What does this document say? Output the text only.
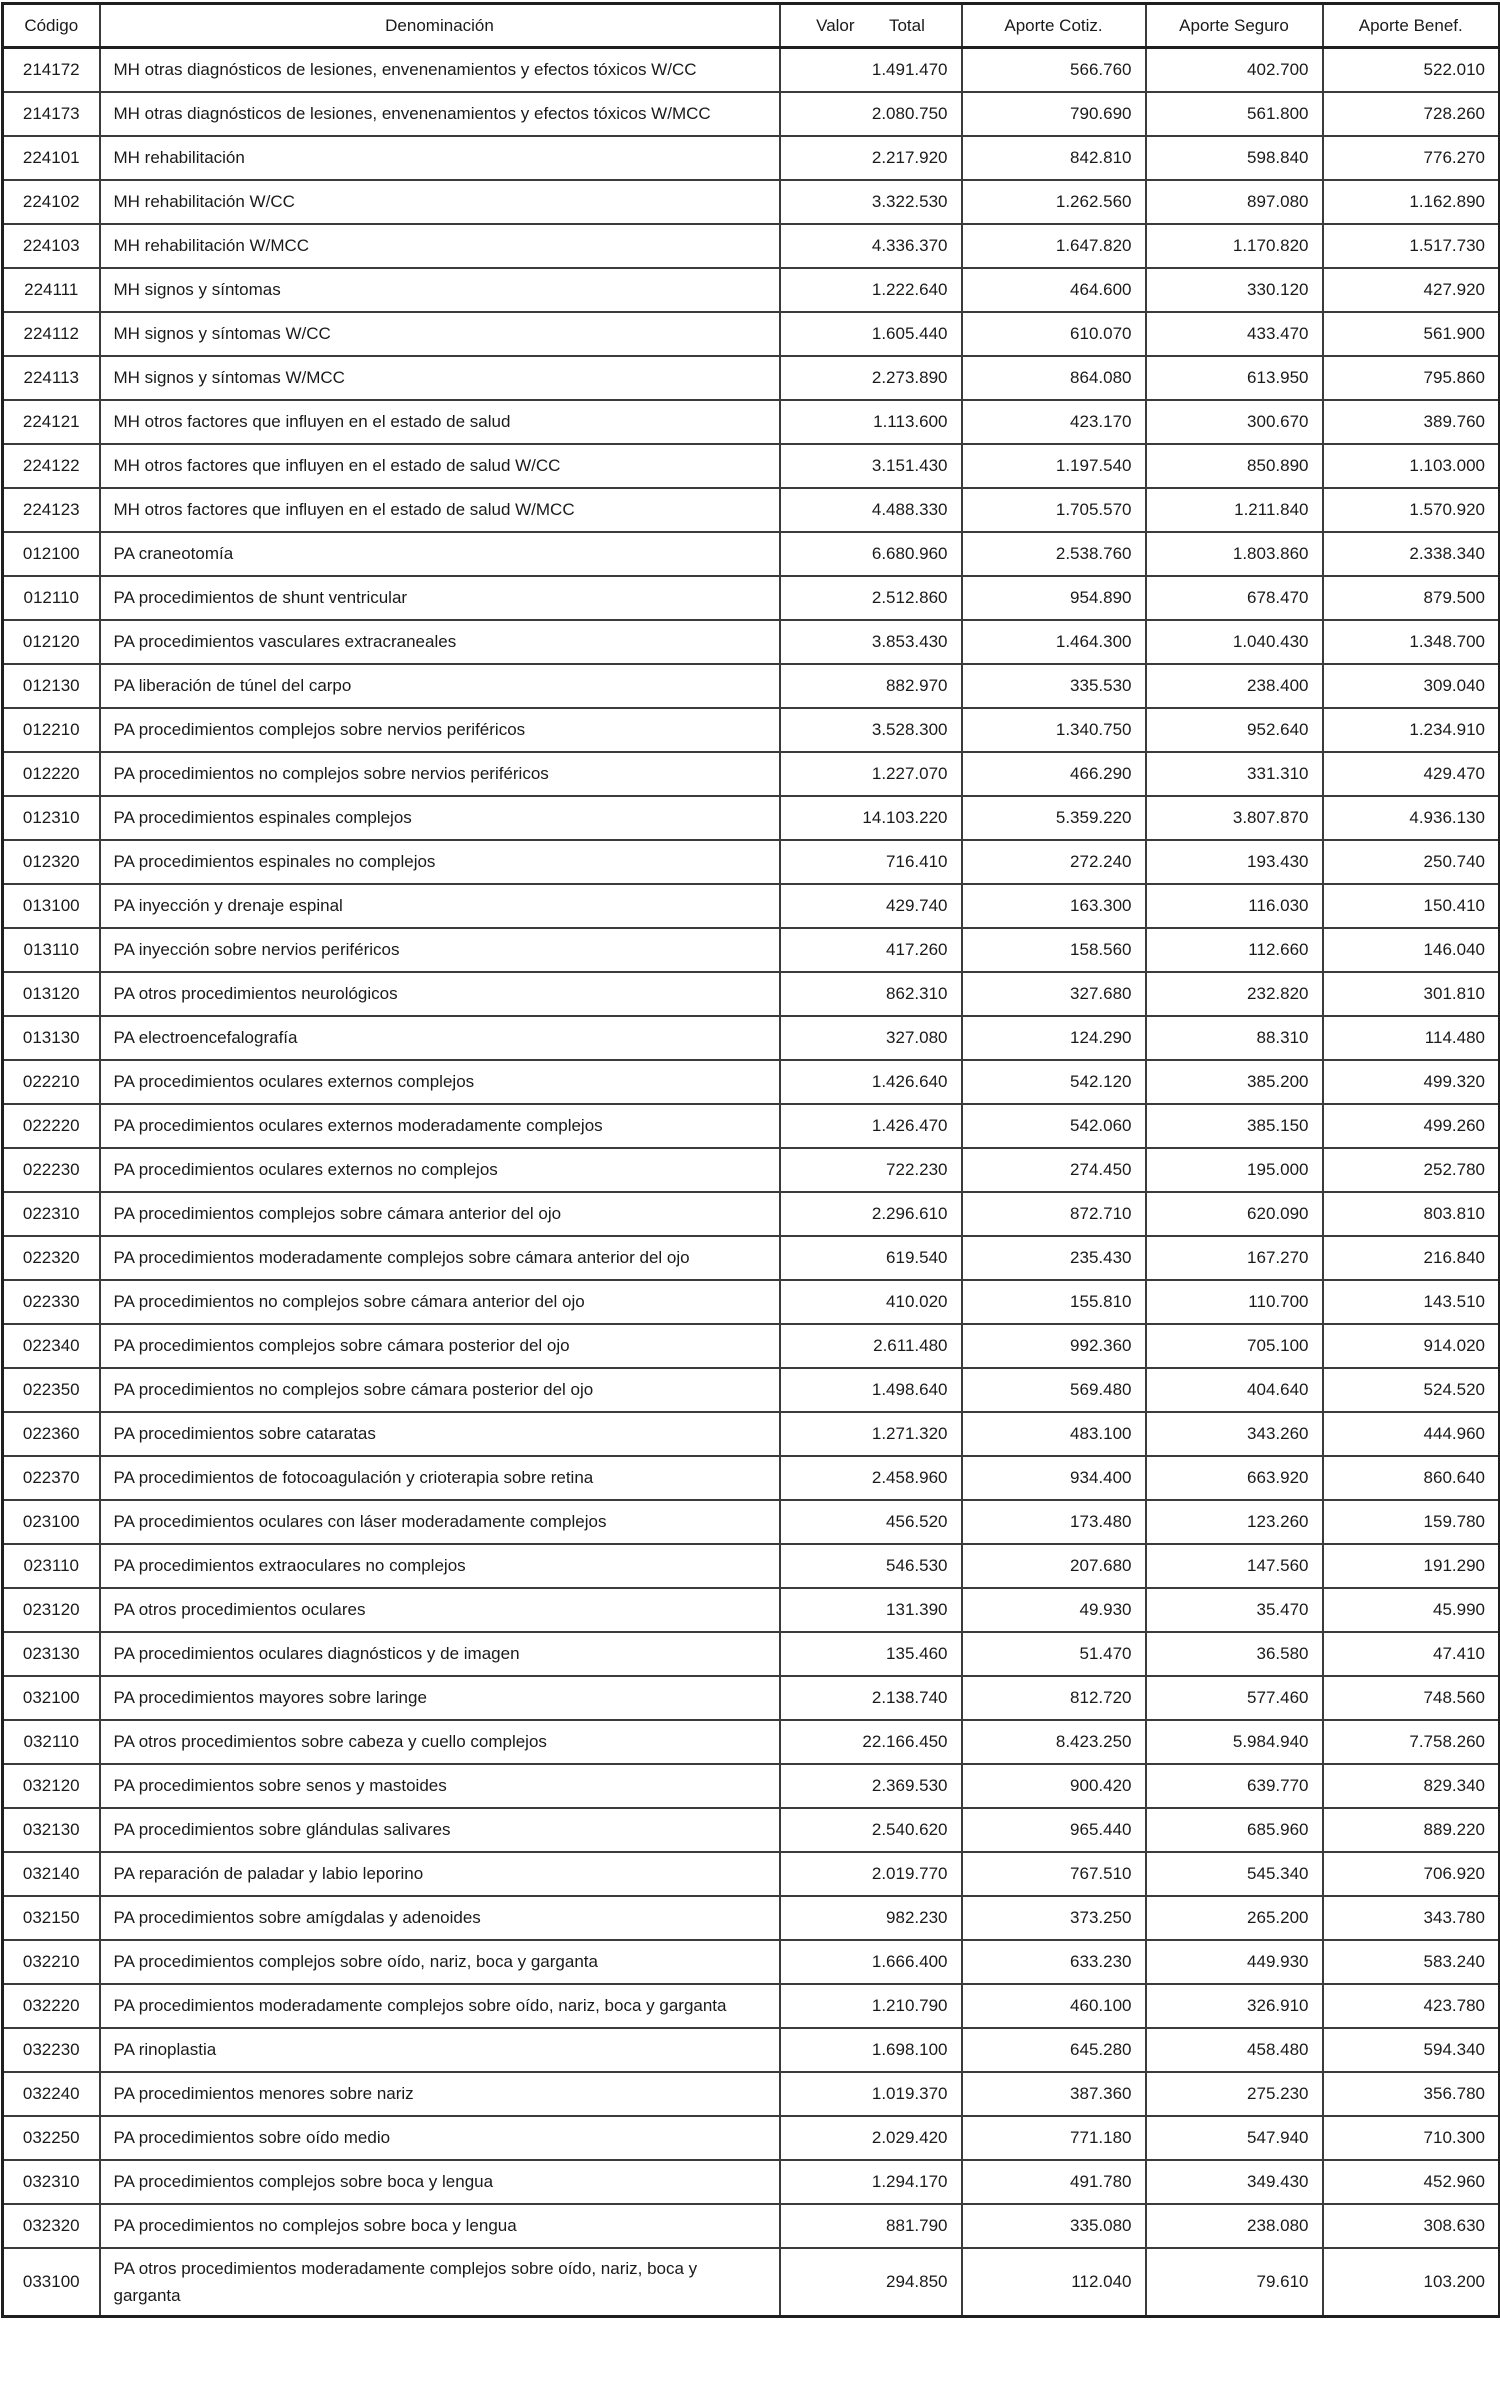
Código	Denominación	Valor Total	Aporte Cotiz.	Aporte Seguro	Aporte Benef.
214172	MH otras diagnósticos de lesiones, envenenamientos y efectos tóxicos W/CC	1.491.470	566.760	402.700	522.010
214173	MH otras diagnósticos de lesiones, envenenamientos y efectos tóxicos W/MCC	2.080.750	790.690	561.800	728.260
224101	MH rehabilitación	2.217.920	842.810	598.840	776.270
224102	MH rehabilitación W/CC	3.322.530	1.262.560	897.080	1.162.890
224103	MH rehabilitación W/MCC	4.336.370	1.647.820	1.170.820	1.517.730
224111	MH signos y síntomas	1.222.640	464.600	330.120	427.920
224112	MH signos y síntomas W/CC	1.605.440	610.070	433.470	561.900
224113	MH signos y síntomas W/MCC	2.273.890	864.080	613.950	795.860
224121	MH otros factores que influyen en el estado de salud	1.113.600	423.170	300.670	389.760
224122	MH otros factores que influyen en el estado de salud W/CC	3.151.430	1.197.540	850.890	1.103.000
224123	MH otros factores que influyen en el estado de salud W/MCC	4.488.330	1.705.570	1.211.840	1.570.920
012100	PA craneotomía	6.680.960	2.538.760	1.803.860	2.338.340
012110	PA procedimientos de shunt ventricular	2.512.860	954.890	678.470	879.500
012120	PA procedimientos vasculares extracraneales	3.853.430	1.464.300	1.040.430	1.348.700
012130	PA liberación de túnel del carpo	882.970	335.530	238.400	309.040
012210	PA procedimientos complejos sobre nervios periféricos	3.528.300	1.340.750	952.640	1.234.910
012220	PA procedimientos no complejos sobre nervios periféricos	1.227.070	466.290	331.310	429.470
012310	PA procedimientos espinales complejos	14.103.220	5.359.220	3.807.870	4.936.130
012320	PA procedimientos espinales no complejos	716.410	272.240	193.430	250.740
013100	PA inyección y drenaje espinal	429.740	163.300	116.030	150.410
013110	PA inyección sobre nervios periféricos	417.260	158.560	112.660	146.040
013120	PA otros procedimientos neurológicos	862.310	327.680	232.820	301.810
013130	PA electroencefalografía	327.080	124.290	88.310	114.480
022210	PA procedimientos oculares externos complejos	1.426.640	542.120	385.200	499.320
022220	PA procedimientos oculares externos moderadamente complejos	1.426.470	542.060	385.150	499.260
022230	PA procedimientos oculares externos no complejos	722.230	274.450	195.000	252.780
022310	PA procedimientos complejos sobre cámara anterior del ojo	2.296.610	872.710	620.090	803.810
022320	PA procedimientos moderadamente complejos sobre cámara anterior del ojo	619.540	235.430	167.270	216.840
022330	PA procedimientos no complejos sobre cámara anterior del ojo	410.020	155.810	110.700	143.510
022340	PA procedimientos complejos sobre cámara posterior del ojo	2.611.480	992.360	705.100	914.020
022350	PA procedimientos no complejos sobre cámara posterior del ojo	1.498.640	569.480	404.640	524.520
022360	PA procedimientos sobre cataratas	1.271.320	483.100	343.260	444.960
022370	PA procedimientos de fotocoagulación y crioterapia sobre retina	2.458.960	934.400	663.920	860.640
023100	PA procedimientos oculares con láser moderadamente complejos	456.520	173.480	123.260	159.780
023110	PA procedimientos extraoculares no complejos	546.530	207.680	147.560	191.290
023120	PA otros procedimientos oculares	131.390	49.930	35.470	45.990
023130	PA procedimientos oculares diagnósticos y de imagen	135.460	51.470	36.580	47.410
032100	PA procedimientos mayores sobre laringe	2.138.740	812.720	577.460	748.560
032110	PA otros procedimientos sobre cabeza y cuello complejos	22.166.450	8.423.250	5.984.940	7.758.260
032120	PA procedimientos sobre senos y mastoides	2.369.530	900.420	639.770	829.340
032130	PA procedimientos sobre glándulas salivares	2.540.620	965.440	685.960	889.220
032140	PA reparación de paladar y labio leporino	2.019.770	767.510	545.340	706.920
032150	PA procedimientos sobre amígdalas y adenoides	982.230	373.250	265.200	343.780
032210	PA procedimientos complejos sobre oído, nariz, boca y garganta	1.666.400	633.230	449.930	583.240
032220	PA procedimientos moderadamente complejos sobre oído, nariz, boca y garganta	1.210.790	460.100	326.910	423.780
032230	PA rinoplastia	1.698.100	645.280	458.480	594.340
032240	PA procedimientos menores sobre nariz	1.019.370	387.360	275.230	356.780
032250	PA procedimientos sobre oído medio	2.029.420	771.180	547.940	710.300
032310	PA procedimientos complejos sobre boca y lengua	1.294.170	491.780	349.430	452.960
032320	PA procedimientos no complejos sobre boca y lengua	881.790	335.080	238.080	308.630
033100	PA otros procedimientos moderadamente complejos sobre oído, nariz, boca y garganta	294.850	112.040	79.610	103.200
